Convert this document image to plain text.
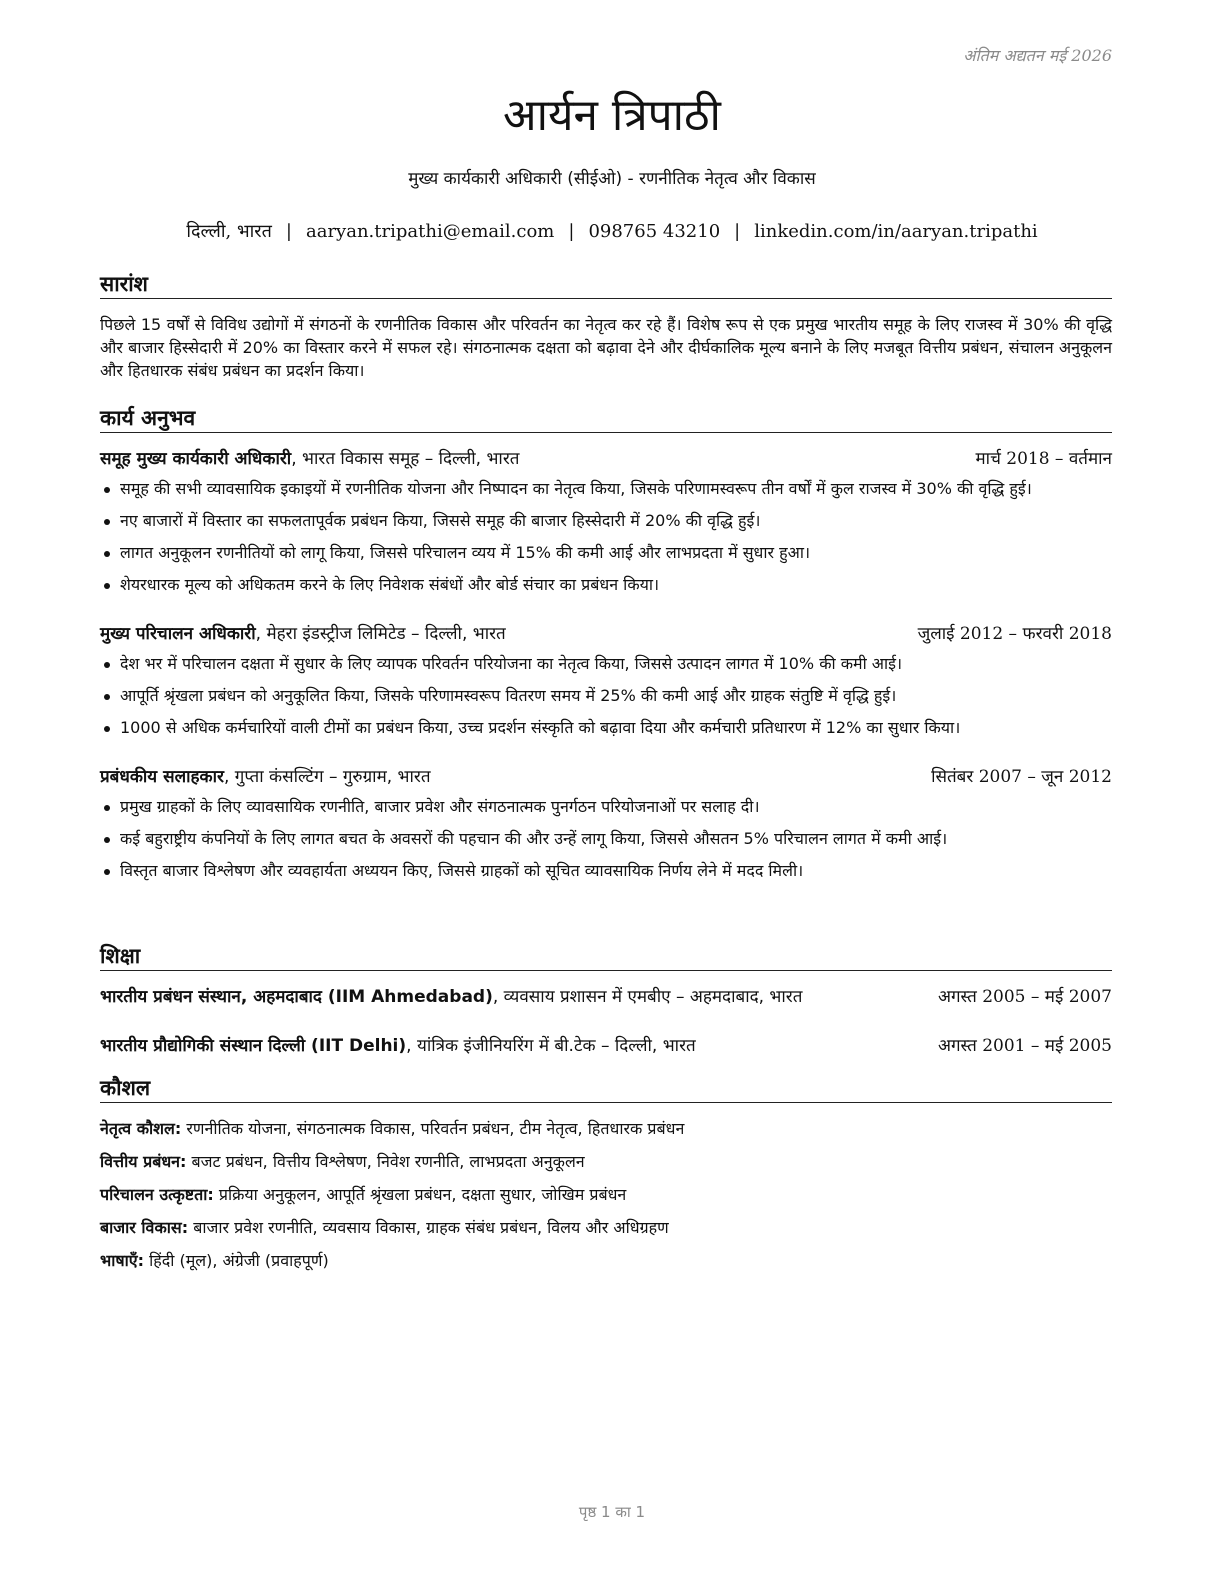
अंतिम अद्यतन मई 2026
आर्यन त्रिपाठी
मुख्य कार्यकारी अधिकारी (सीईओ) - रणनीतिक नेतृत्व और विकास
दिल्ली, भारत | aaryan.tripathi@email.com | 098765 43210 | linkedin.com/in/aaryan.tripathi
सारांश

पिछले 15 वर्षों से विविध उद्योगों में संगठनों के रणनीतिक विकास और परिवर्तन का नेतृत्व कर रहे हैं। विशेष रूप से एक प्रमुख भारतीय समूह के लिए राजस्व में 30% की वृद्धि और बाजार हिस्सेदारी में 20% का विस्तार करने में सफल रहे। संगठनात्मक दक्षता को बढ़ावा देने और दीर्घकालिक मूल्य बनाने के लिए मजबूत वित्तीय प्रबंधन, संचालन अनुकूलन और हितधारक संबंध प्रबंधन का प्रदर्शन किया।

कार्य अनुभव
समूह मुख्य कार्यकारी अधिकारी, भारत विकास समूह – दिल्ली, भारत	मार्च 2018 – वर्तमान
समूह की सभी व्यावसायिक इकाइयों में रणनीतिक योजना और निष्पादन का नेतृत्व किया, जिसके परिणामस्वरूप तीन वर्षों में कुल राजस्व में 30% की वृद्धि हुई।
नए बाजारों में विस्तार का सफलतापूर्वक प्रबंधन किया, जिससे समूह की बाजार हिस्सेदारी में 20% की वृद्धि हुई।
लागत अनुकूलन रणनीतियों को लागू किया, जिससे परिचालन व्यय में 15% की कमी आई और लाभप्रदता में सुधार हुआ।
शेयरधारक मूल्य को अधिकतम करने के लिए निवेशक संबंधों और बोर्ड संचार का प्रबंधन किया।
मुख्य परिचालन अधिकारी, मेहरा इंडस्ट्रीज लिमिटेड – दिल्ली, भारत	जुलाई 2012 – फरवरी 2018
देश भर में परिचालन दक्षता में सुधार के लिए व्यापक परिवर्तन परियोजना का नेतृत्व किया, जिससे उत्पादन लागत में 10% की कमी आई।
आपूर्ति श्रृंखला प्रबंधन को अनुकूलित किया, जिसके परिणामस्वरूप वितरण समय में 25% की कमी आई और ग्राहक संतुष्टि में वृद्धि हुई।
1000 से अधिक कर्मचारियों वाली टीमों का प्रबंधन किया, उच्च प्रदर्शन संस्कृति को बढ़ावा दिया और कर्मचारी प्रतिधारण में 12% का सुधार किया।
प्रबंधकीय सलाहकार, गुप्ता कंसल्टिंग – गुरुग्राम, भारत	सितंबर 2007 – जून 2012
प्रमुख ग्राहकों के लिए व्यावसायिक रणनीति, बाजार प्रवेश और संगठनात्मक पुनर्गठन परियोजनाओं पर सलाह दी।
कई बहुराष्ट्रीय कंपनियों के लिए लागत बचत के अवसरों की पहचान की और उन्हें लागू किया, जिससे औसतन 5% परिचालन लागत में कमी आई।
विस्तृत बाजार विश्लेषण और व्यवहार्यता अध्ययन किए, जिससे ग्राहकों को सूचित व्यावसायिक निर्णय लेने में मदद मिली।
शिक्षा
भारतीय प्रबंधन संस्थान, अहमदाबाद (IIM Ahmedabad), व्यवसाय प्रशासन में एमबीए – अहमदाबाद, भारत	अगस्त 2005 – मई 2007
भारतीय प्रौद्योगिकी संस्थान दिल्ली (IIT Delhi), यांत्रिक इंजीनियरिंग में बी.टेक – दिल्ली, भारत	अगस्त 2001 – मई 2005
कौशल

नेतृत्व कौशल: रणनीतिक योजना, संगठनात्मक विकास, परिवर्तन प्रबंधन, टीम नेतृत्व, हितधारक प्रबंधन

वित्तीय प्रबंधन: बजट प्रबंधन, वित्तीय विश्लेषण, निवेश रणनीति, लाभप्रदता अनुकूलन

परिचालन उत्कृष्टता: प्रक्रिया अनुकूलन, आपूर्ति श्रृंखला प्रबंधन, दक्षता सुधार, जोखिम प्रबंधन

बाजार विकास: बाजार प्रवेश रणनीति, व्यवसाय विकास, ग्राहक संबंध प्रबंधन, विलय और अधिग्रहण

भाषाएँ: हिंदी (मूल), अंग्रेजी (प्रवाहपूर्ण)

पृष्ठ 1 का 1
